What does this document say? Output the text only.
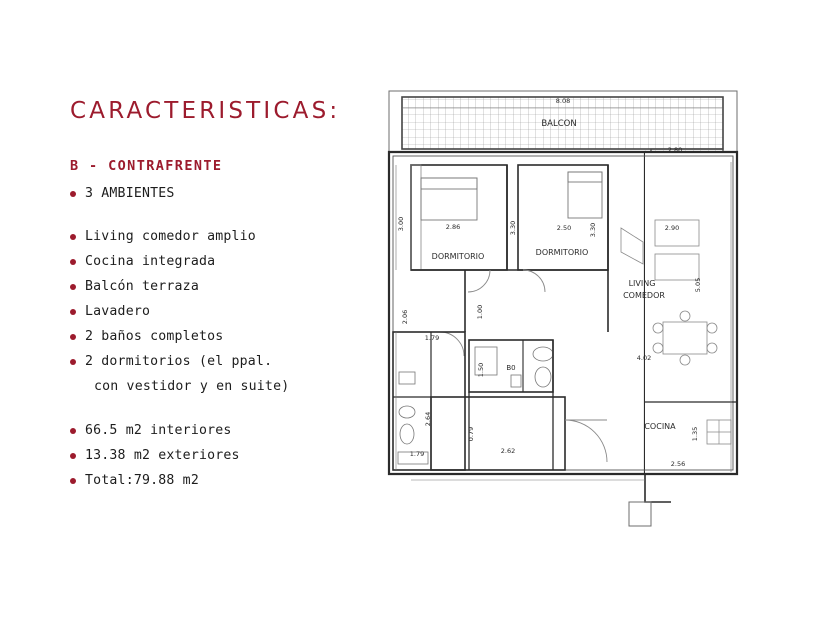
CARACTERISTICAS:
B - CONTRAFRENTE
3 AMBIENTES
Living comedor amplio
Cocina integrada
Balcón terraza
Lavadero
2 baños completos
2 dormitorios (el ppal.
con vestidor y en suite)
66.5 m2 interiores
13.38 m2 exteriores
Total:79.88 m2
BALCON
DORMITORIO	DORMITORIO
LIVING
COMEDOR
COCINA
B0
8.08
2.80
2.86
3.00	3.30	2.50	3.30	2.90
5.05
2.06
1.79
1.00
1.50
4.02
2.64
1.79
0.79
2.62
2.56
1.35
